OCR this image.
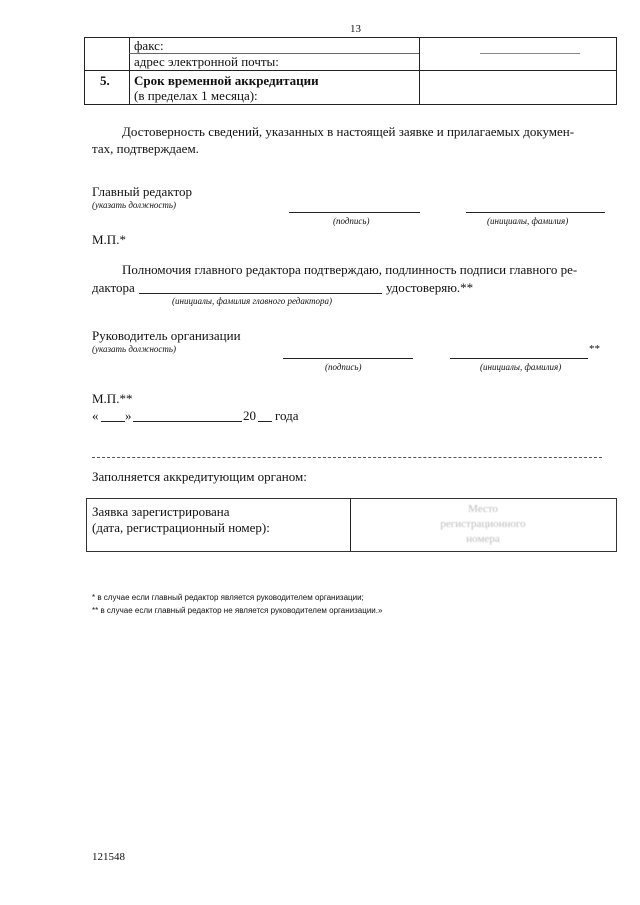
13
факс:
адрес электронной почты:
5. Срок временной аккредитации
(в пределах 1 месяца):
Достоверность сведений, указанных в настоящей заявке и прилагаемых докумен-
тах, подтверждаем.
Главный редактор
(указать должность)
(подпись)	(инициалы, фамилия)
М.П.*
Полномочия главного редактора подтверждаю, подлинность подписи главного ре-
дактора	удостоверяю.**
(инициалы, фамилия главного редактора)
Руководитель организации
(указать должность)	**
(подпись)	(инициалы, фамилия)
М.П.**
« »	20 года
Заполняется аккредитующим органом:
Заявка зарегистрирована
(дата, регистрационный номер):
Место
регистрационного
номера
* в случае если главный редактор является руководителем организации;
** в случае если главный редактор не является руководителем организации.»
121548
